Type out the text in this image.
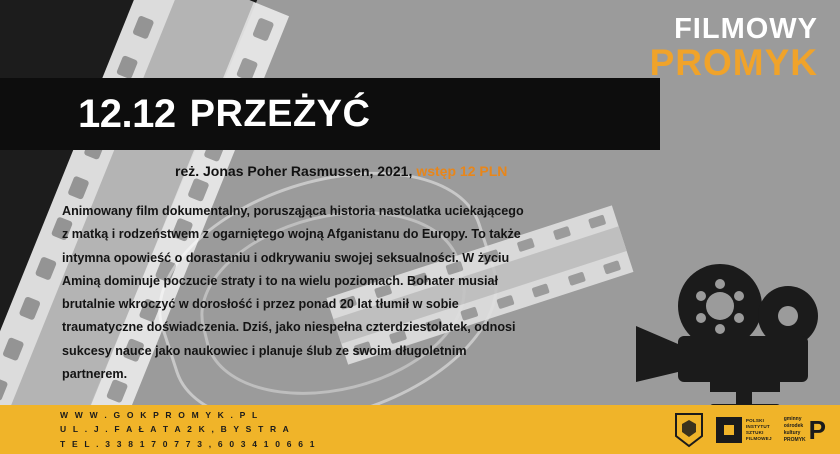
FILMOWY
PROMYK
12.12 PRZEŻYĆ
reż. Jonas Poher Rasmussen, 2021, wstęp 12 PLN
Animowany film dokumentalny, porusząjąca historia nastolatka uciekającego z matką i rodzeństwem z ogarniętego wojną Afganistanu do Europy. To także intymna opowieść o dorastaniu i odkrywaniu swojej seksualności. W życiu Aminą dominuje poczucie straty i to na wielu poziomach. Bohater musiał brutalnie wkroczyć w dorosłość i przez ponad 20 lat tłumił w sobie traumatyczne doświadczenia. Dziś, jako niespełna czterdziestolatek, odnosi sukcesy nauce jako naukowiec i planuje ślub ze swoim długoletnim partnerem.
W W W . G O K P R O M Y K . P L
U L . J . F A Ł A T A 2 K , B Y S T R A
T E L . 3 3 8 1 7 0 7 7 3 , 6 0 3 4 1 0 6 6 1
POLSKI
INSTYTUT
SZTUKI
FILMOWEJ
gminny
ośrodek
kultury
PROMYK P
